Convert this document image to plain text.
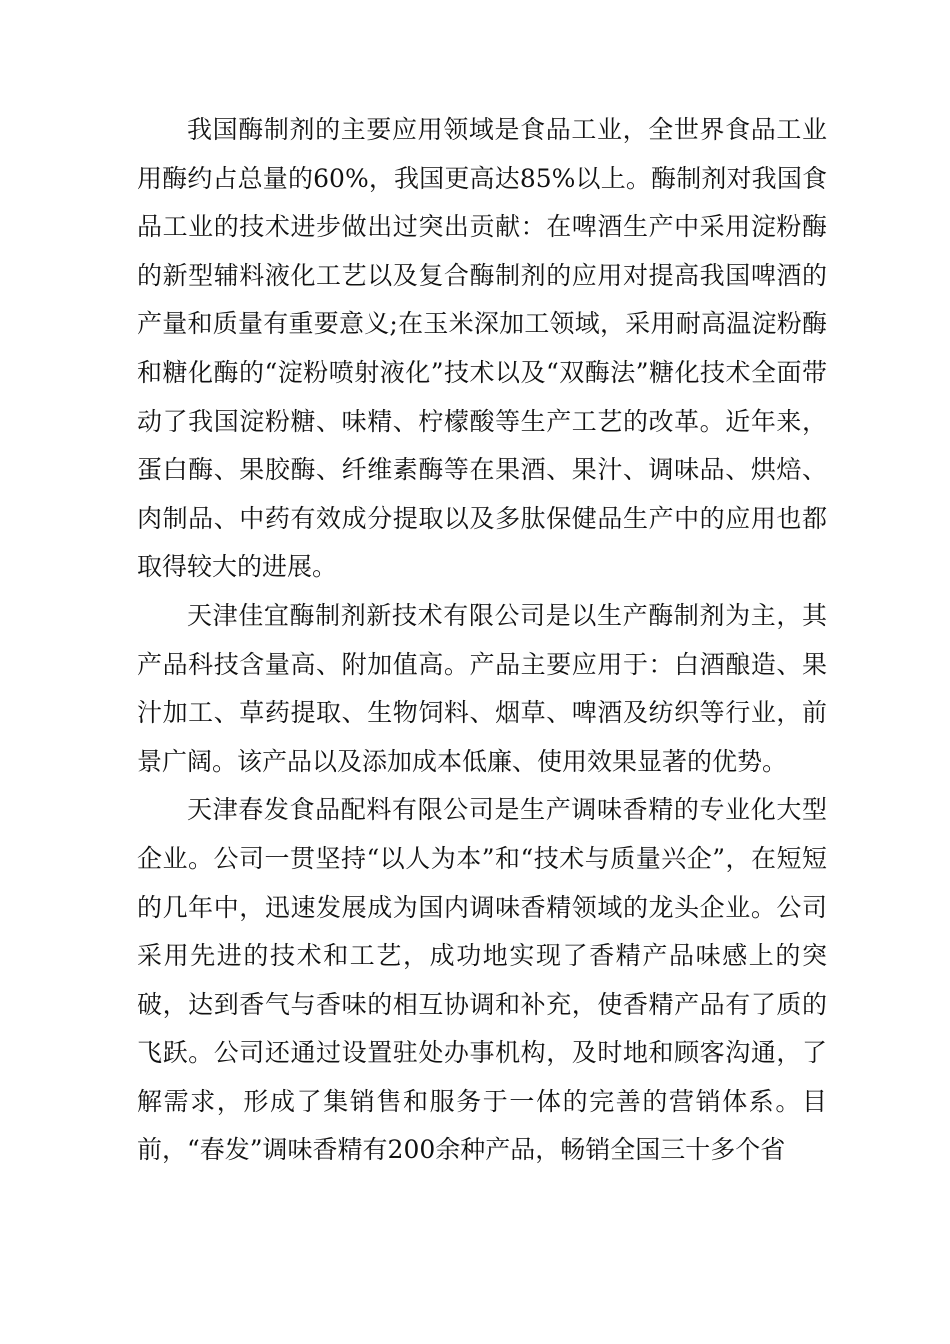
我国酶制剂的主要应用领域是食品工业，全世界食品工业用酶约占总量的60%，我国更高达85%以上。酶制剂对我国食品工业的技术进步做出过突出贡献：在啤酒生产中采用淀粉酶的新型辅料液化工艺以及复合酶制剂的应用对提高我国啤酒的产量和质量有重要意义;在玉米深加工领域，采用耐高温淀粉酶和糖化酶的“淀粉喷射液化”技术以及“双酶法”糖化技术全面带动了我国淀粉糖、味精、柠檬酸等生产工艺的改革。近年来，蛋白酶、果胶酶、纤维素酶等在果酒、果汁、调味品、烘焙、肉制品、中药有效成分提取以及多肽保健品生产中的应用也都取得较大的进展。

天津佳宜酶制剂新技术有限公司是以生产酶制剂为主，其产品科技含量高、附加值高。产品主要应用于：白酒酿造、果汁加工、草药提取、生物饲料、烟草、啤酒及纺织等行业，前景广阔。该产品以及添加成本低廉、使用效果显著的优势。

天津春发食品配料有限公司是生产调味香精的专业化大型企业。公司一贯坚持“以人为本”和“技术与质量兴企”，在短短的几年中，迅速发展成为国内调味香精领域的龙头企业。公司采用先进的技术和工艺，成功地实现了香精产品味感上的突破，达到香气与香味的相互协调和补充，使香精产品有了质的飞跃。公司还通过设置驻处办事机构，及时地和顾客沟通，了解需求，形成了集销售和服务于一体的完善的营销体系。目前，“春发”调味香精有200余种产品，畅销全国三十多个省
